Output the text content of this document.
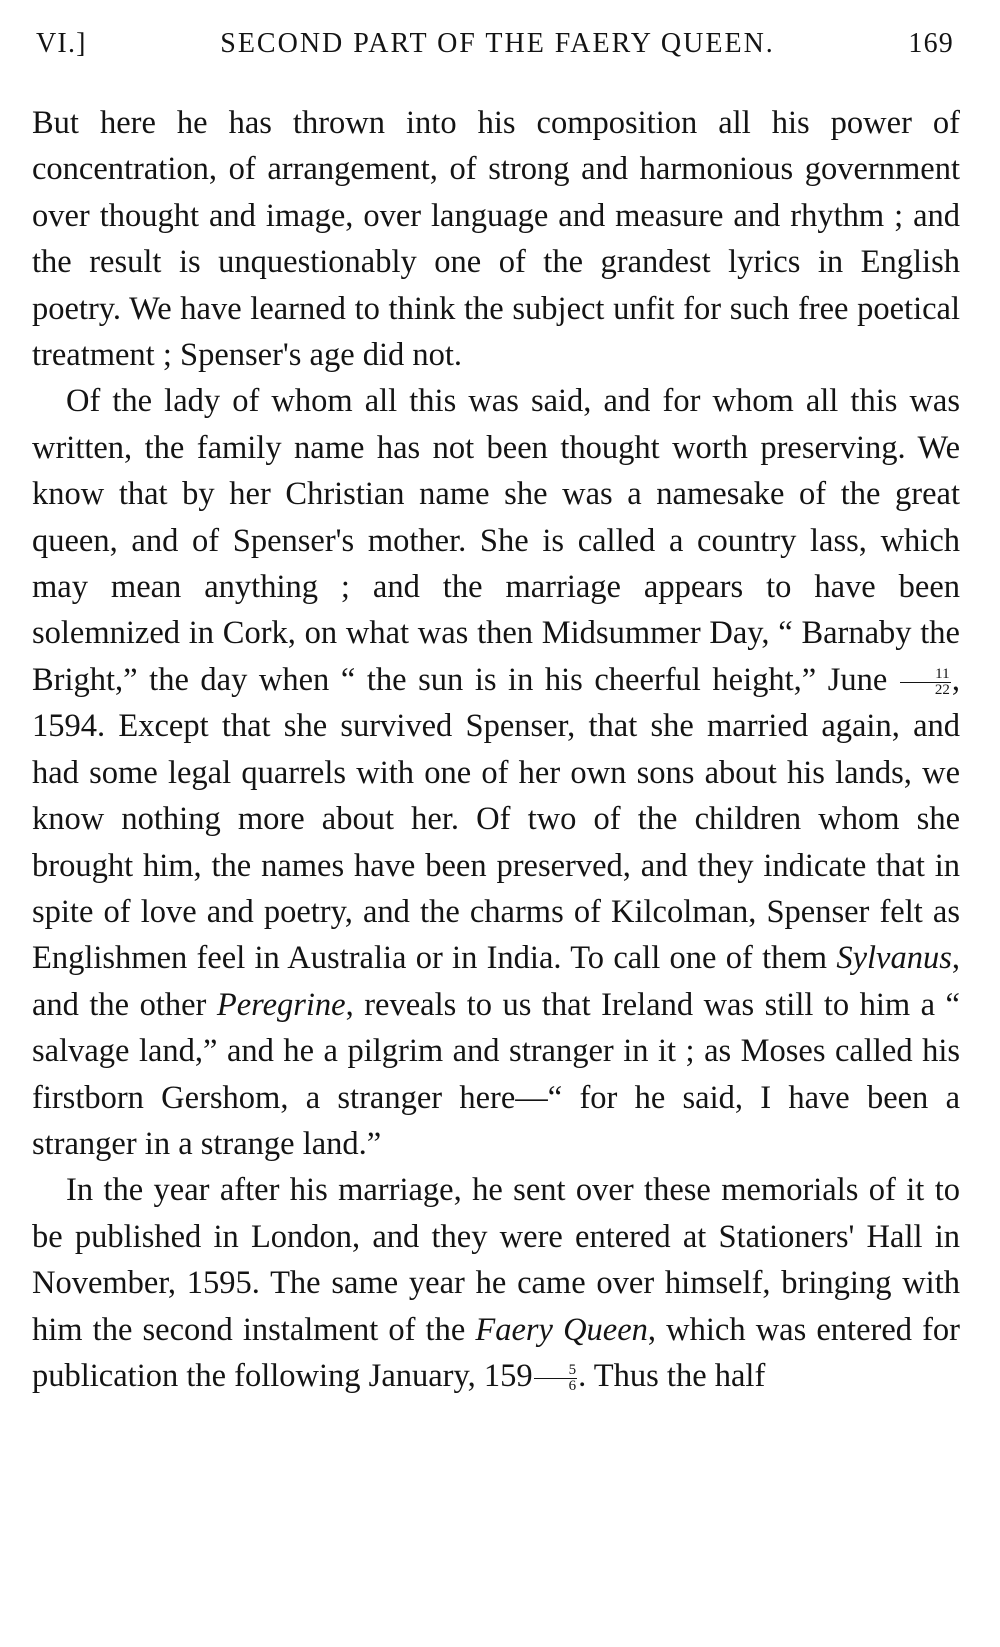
VI.]	SECOND PART OF THE FAERY QUEEN.	169

But here he has thrown into his composition all his power of concentration, of arrangement, of strong and harmonious government over thought and image, over language and measure and rhythm ; and the result is unquestionably one of the grandest lyrics in English poetry. We have learned to think the subject unfit for such free poetical treatment ; Spenser's age did not.

Of the lady of whom all this was said, and for whom all this was written, the family name has not been thought worth preserving. We know that by her Christian name she was a namesake of the great queen, and of Spenser's mother. She is called a country lass, which may mean anything ; and the marriage appears to have been solemnized in Cork, on what was then Midsummer Day, “ Barnaby the Bright,” the day when “ the sun is in his cheerful height,” June $\frac{11}{22}$ , 1594. Except that she survived Spenser, that she married again, and had some legal quarrels with one of her own sons about his lands, we know nothing more about her. Of two of the children whom she brought him, the names have been preserved, and they indicate that in spite of love and poetry, and the charms of Kilcolman, Spenser felt as Englishmen feel in Australia or in India. To call one of them Sylvanus, and the other Peregrine, reveals to us that Ireland was still to him a “ salvage land,” and he a pilgrim and stranger in it ; as Moses called his firstborn Gershom, a stranger here—“ for he said, I have been a stranger in a strange land.”

In the year after his marriage, he sent over these memorials of it to be published in London, and they were entered at Stationers' Hall in November, 1595. The same year he came over himself, bringing with him the second instalment of the Faery Queen, which was entered for publication the following January, $159 \frac{5}{6}$ . Thus the half
